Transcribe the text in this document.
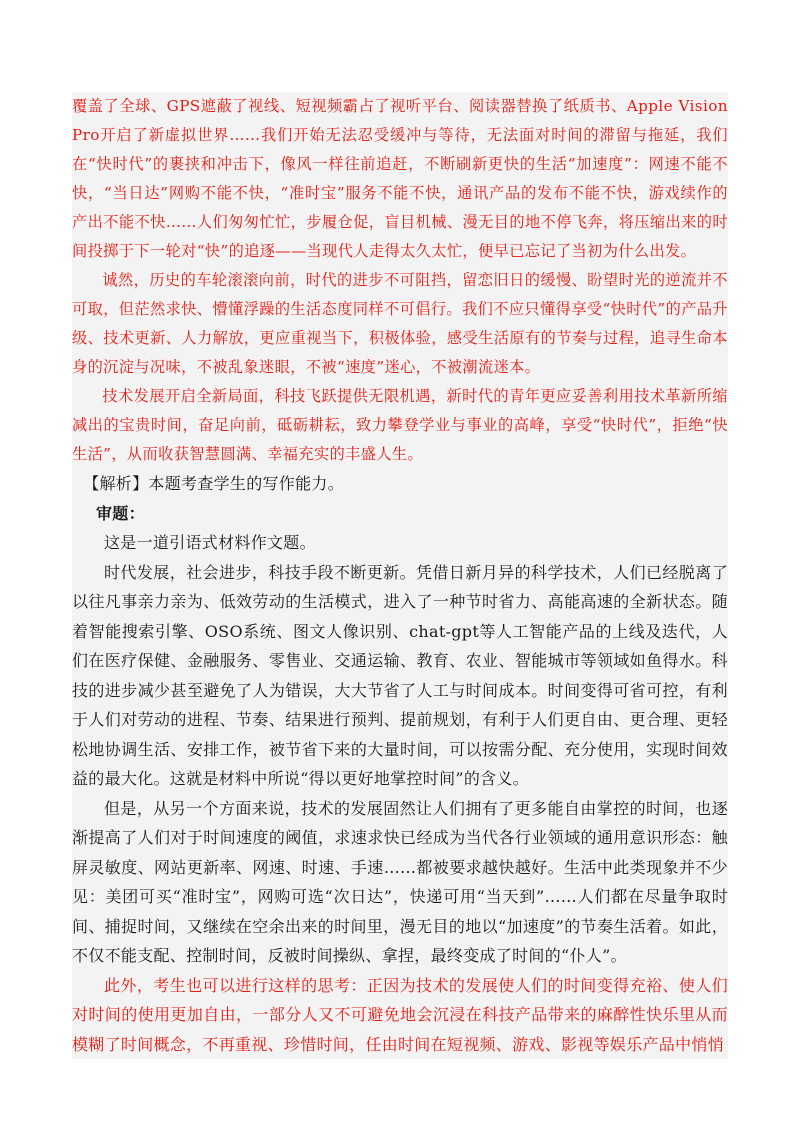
覆盖了全球、GPS遮蔽了视线、短视频霸占了视听平台、阅读器替换了纸质书、Apple Vision Pro开启了新虚拟世界……我们开始无法忍受缓冲与等待，无法面对时间的滞留与拖延，我们在“快时代”的裹挟和冲击下，像风一样往前追赶，不断刷新更快的生活“加速度”：网速不能不快，“当日达”网购不能不快，“准时宝”服务不能不快，通讯产品的发布不能不快，游戏续作的产出不能不快……人们匆匆忙忙，步履仓促，盲目机械、漫无目的地不停飞奔，将压缩出来的时间投掷于下一轮对“快”的追逐——当现代人走得太久太忙，便早已忘记了当初为什么出发。

诚然，历史的车轮滚滚向前，时代的进步不可阻挡，留恋旧日的缓慢、盼望时光的逆流并不可取，但茫然求快、懵懂浮躁的生活态度同样不可倡行。我们不应只懂得享受“快时代”的产品升级、技术更新、人力解放，更应重视当下，积极体验，感受生活原有的节奏与过程，追寻生命本身的沉淀与况味，不被乱象迷眼，不被“速度”迷心，不被潮流迷本。

技术发展开启全新局面，科技飞跃提供无限机遇，新时代的青年更应妥善利用技术革新所缩减出的宝贵时间，奋足向前，砥砺耕耘，致力攀登学业与事业的高峰，享受“快时代”，拒绝“快生活”，从而收获智慧圆满、幸福充实的丰盛人生。

【解析】本题考查学生的写作能力。

审题：

这是一道引语式材料作文题。

时代发展，社会进步，科技手段不断更新。凭借日新月异的科学技术，人们已经脱离了以往凡事亲力亲为、低效劳动的生活模式，进入了一种节时省力、高能高速的全新状态。随着智能搜索引擎、OSO系统、图文人像识别、chat-gpt等人工智能产品的上线及迭代，人们在医疗保健、金融服务、零售业、交通运输、教育、农业、智能城市等领域如鱼得水。科技的进步减少甚至避免了人为错误，大大节省了人工与时间成本。时间变得可省可控，有利于人们对劳动的进程、节奏、结果进行预判、提前规划，有利于人们更自由、更合理、更轻松地协调生活、安排工作，被节省下来的大量时间，可以按需分配、充分使用，实现时间效益的最大化。这就是材料中所说“得以更好地掌控时间”的含义。

但是，从另一个方面来说，技术的发展固然让人们拥有了更多能自由掌控的时间，也逐渐提高了人们对于时间速度的阈值，求速求快已经成为当代各行业领域的通用意识形态：触屏灵敏度、网站更新率、网速、时速、手速……都被要求越快越好。生活中此类现象并不少见：美团可买“准时宝”，网购可选“次日达”，快递可用“当天到”……人们都在尽量争取时间、捕捉时间，又继续在空余出来的时间里，漫无目的地以“加速度”的节奏生活着。如此，不仅不能支配、控制时间，反被时间操纵、拿捏，最终变成了时间的“仆人”。

此外，考生也可以进行这样的思考：正因为技术的发展使人们的时间变得充裕、使人们对时间的使用更加自由，一部分人又不可避免地会沉浸在科技产品带来的麻醉性快乐里从而模糊了时间概念，不再重视、珍惜时间，任由时间在短视频、游戏、影视等娱乐产品中悄悄
